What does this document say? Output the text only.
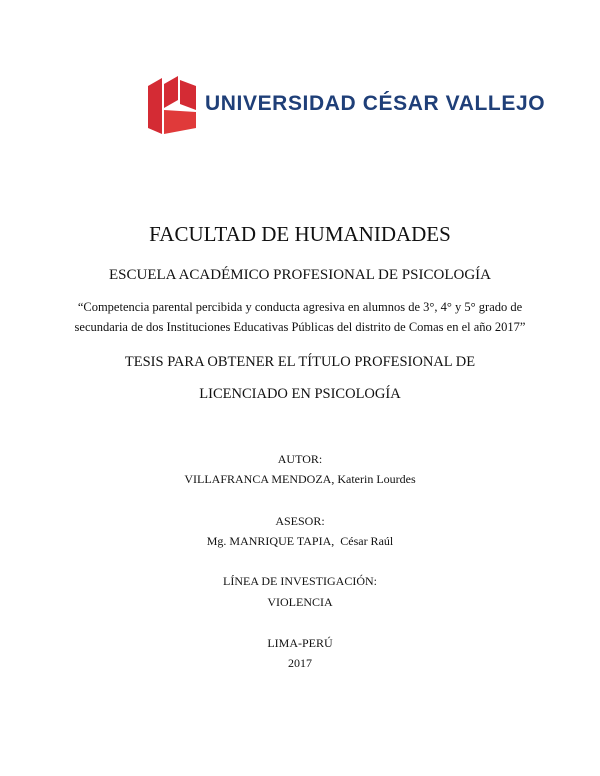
UNIVERSIDAD CÉSAR VALLEJO
FACULTAD DE HUMANIDADES
ESCUELA ACADÉMICO PROFESIONAL DE PSICOLOGÍA
“Competencia parental percibida y conducta agresiva en alumnos de 3°, 4° y 5° grado de
secundaria de dos Instituciones Educativas Públicas del distrito de Comas en el año 2017”
TESIS PARA OBTENER EL TÍTULO PROFESIONAL DE
LICENCIADO EN PSICOLOGÍA
AUTOR:
VILLAFRANCA MENDOZA, Katerin Lourdes
ASESOR:
Mg. MANRIQUE TAPIA,  César Raúl
LÍNEA DE INVESTIGACIÓN:
VIOLENCIA
LIMA-PERÚ
2017
